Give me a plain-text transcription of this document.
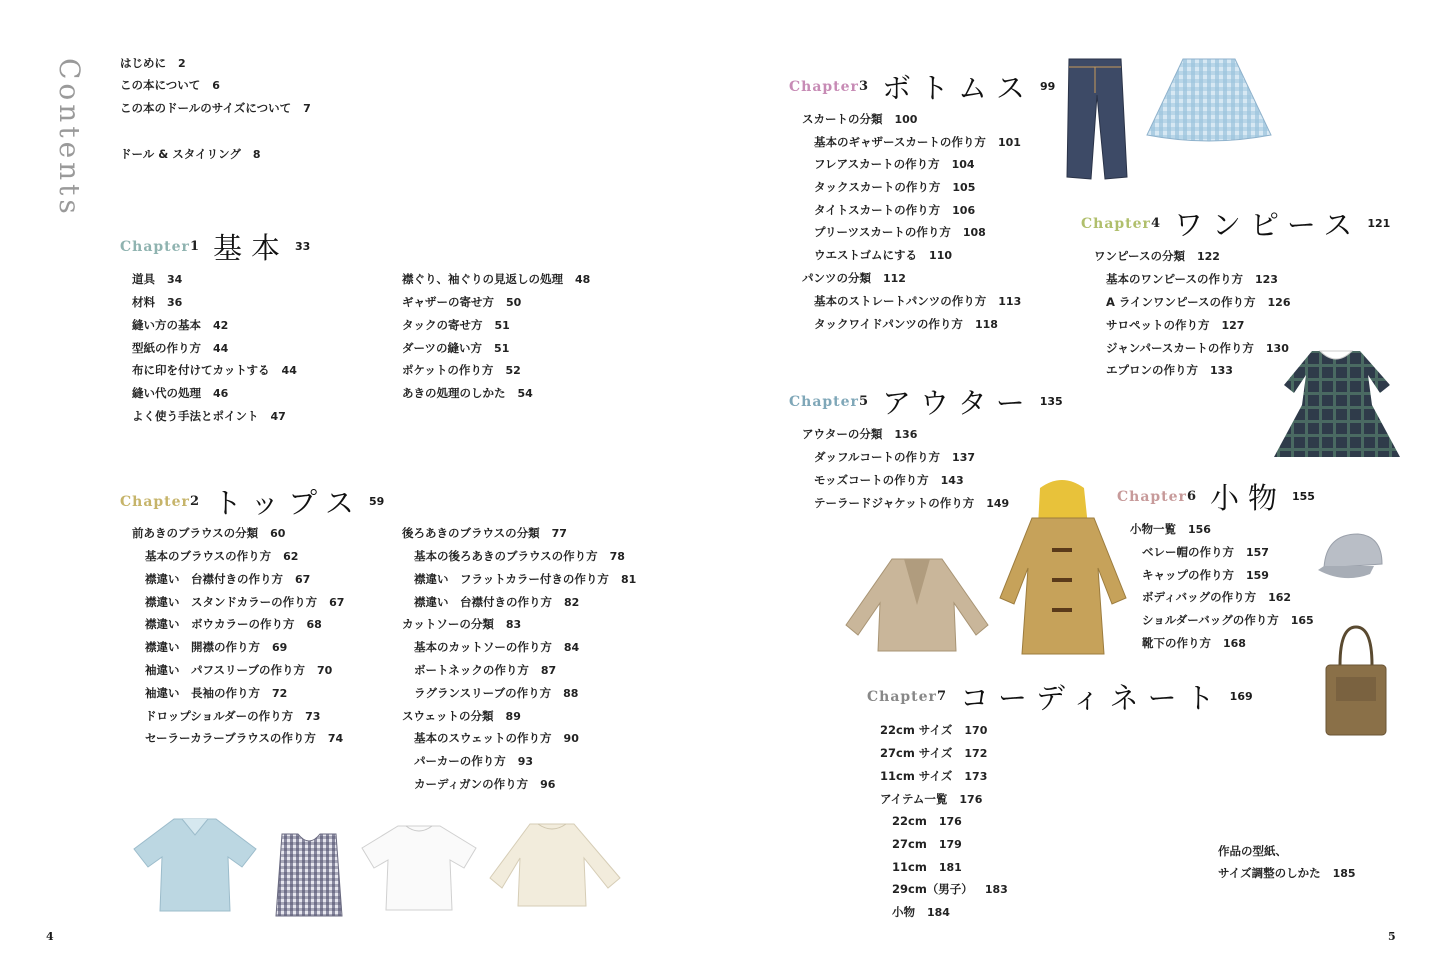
Contents	はじめに 2
この本について 6
この本のドールのサイズについて 7
ドール & スタイリング 8
Chapter 1 基本 33
Chapter 2 トップス 59
Chapter 3 ボトムス 99
Chapter 4 ワンピース 121
Chapter 5 アウター 135
Chapter 6 小物 155
Chapter 7 コーディネート 169
道具 34
材料 36
縫い方の基本 42
型紙の作り方 44
布に印を付けてカットする 44
縫い代の処理 46
よく使う手法とポイント 47
襟ぐり、袖ぐりの見返しの処理 48
ギャザーの寄せ方 50
タックの寄せ方 51
ダーツの縫い方 51
ポケットの作り方 52
あきの処理のしかた 54
前あきのブラウスの分類 60
基本のブラウスの作り方 62
襟違い　台襟付きの作り方 67
襟違い　スタンドカラーの作り方 67
襟違い　ボウカラーの作り方 68
襟違い　開襟の作り方 69
袖違い　パフスリーブの作り方 70
袖違い　長袖の作り方 72
ドロップショルダーの作り方 73
セーラーカラーブラウスの作り方 74
後ろあきのブラウスの分類 77
基本の後ろあきのブラウスの作り方 78
襟違い　フラットカラー付きの作り方 81
襟違い　台襟付きの作り方 82
カットソーの分類 83
基本のカットソーの作り方 84
ボートネックの作り方 87
ラグランスリーブの作り方 88
スウェットの分類 89
基本のスウェットの作り方 90
パーカーの作り方 93
カーディガンの作り方 96
スカートの分類 100
基本のギャザースカートの作り方 101
フレアスカートの作り方 104
タックスカートの作り方 105
タイトスカートの作り方 106
プリーツスカートの作り方 108
ウエストゴムにする 110
パンツの分類 112
基本のストレートパンツの作り方 113
タックワイドパンツの作り方 118
ワンピースの分類 122
基本のワンピースの作り方 123
A ラインワンピースの作り方 126
サロペットの作り方 127
ジャンパースカートの作り方 130
エプロンの作り方 133
アウターの分類 136
ダッフルコートの作り方 137
モッズコートの作り方 143
テーラードジャケットの作り方 149
小物一覧 156
ベレー帽の作り方 157
キャップの作り方 159
ボディバッグの作り方 162
ショルダーバッグの作り方 165
靴下の作り方 168
22cm サイズ 170
27cm サイズ 172
11cm サイズ 173
アイテム一覧 176
22cm 176
27cm 179
11cm 181
29cm（男子） 183
小物 184
作品の型紙、
サイズ調整のしかた 185
4	5
